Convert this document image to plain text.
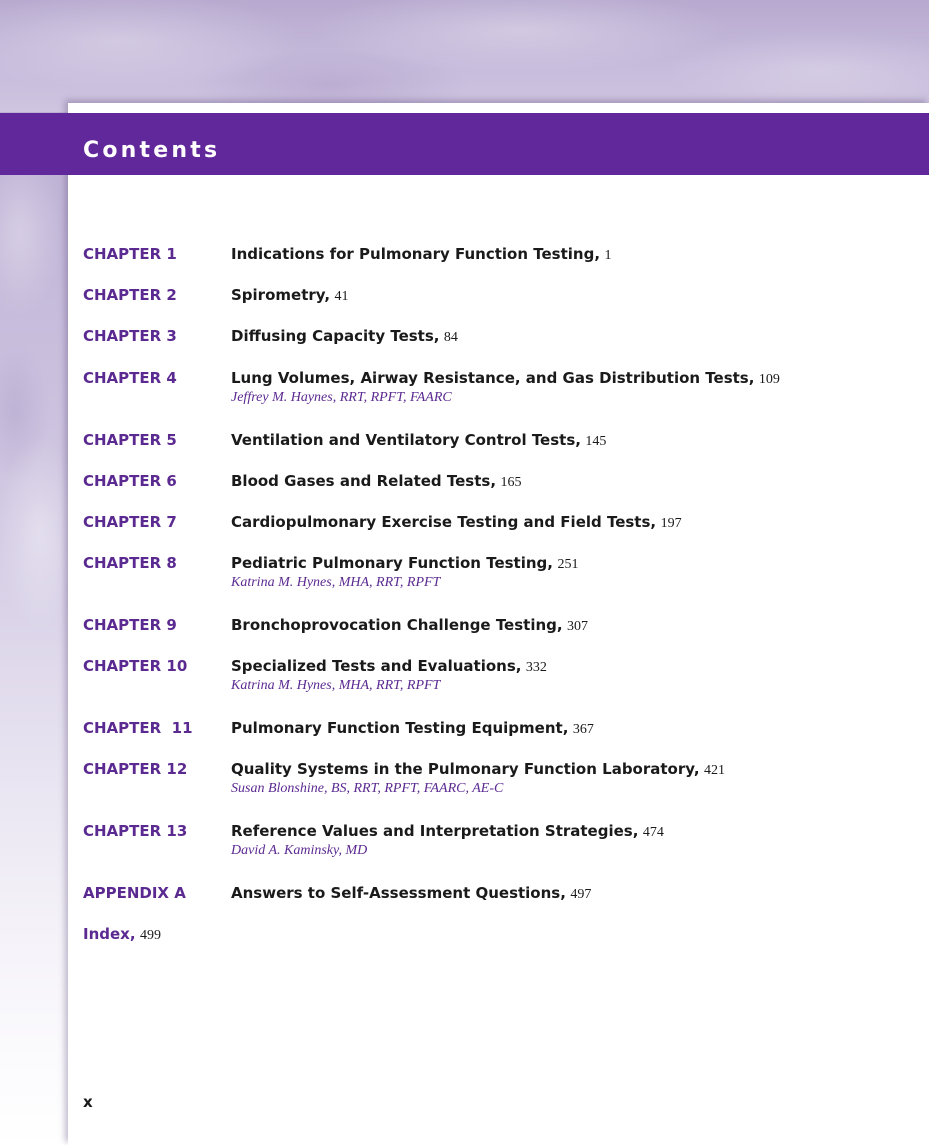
Contents
CHAPTER 1	Indications for Pulmonary Function Testing, 1
CHAPTER 2	Spirometry, 41
CHAPTER 3	Diffusing Capacity Tests, 84
CHAPTER 4	Lung Volumes, Airway Resistance, and Gas Distribution Tests, 109
Jeffrey M. Haynes, RRT, RPFT, FAARC
CHAPTER 5	Ventilation and Ventilatory Control Tests, 145
CHAPTER 6	Blood Gases and Related Tests, 165
CHAPTER 7	Cardiopulmonary Exercise Testing and Field Tests, 197
CHAPTER 8	Pediatric Pulmonary Function Testing, 251
Katrina M. Hynes, MHA, RRT, RPFT
CHAPTER 9	Bronchoprovocation Challenge Testing, 307
CHAPTER 10	Specialized Tests and Evaluations, 332
Katrina M. Hynes, MHA, RRT, RPFT
CHAPTER  11	Pulmonary Function Testing Equipment, 367
CHAPTER 12	Quality Systems in the Pulmonary Function Laboratory, 421
Susan Blonshine, BS, RRT, RPFT, FAARC, AE-C
CHAPTER 13	Reference Values and Interpretation Strategies, 474
David A. Kaminsky, MD
APPENDIX A	Answers to Self-Assessment Questions, 497
Index, 499
x
